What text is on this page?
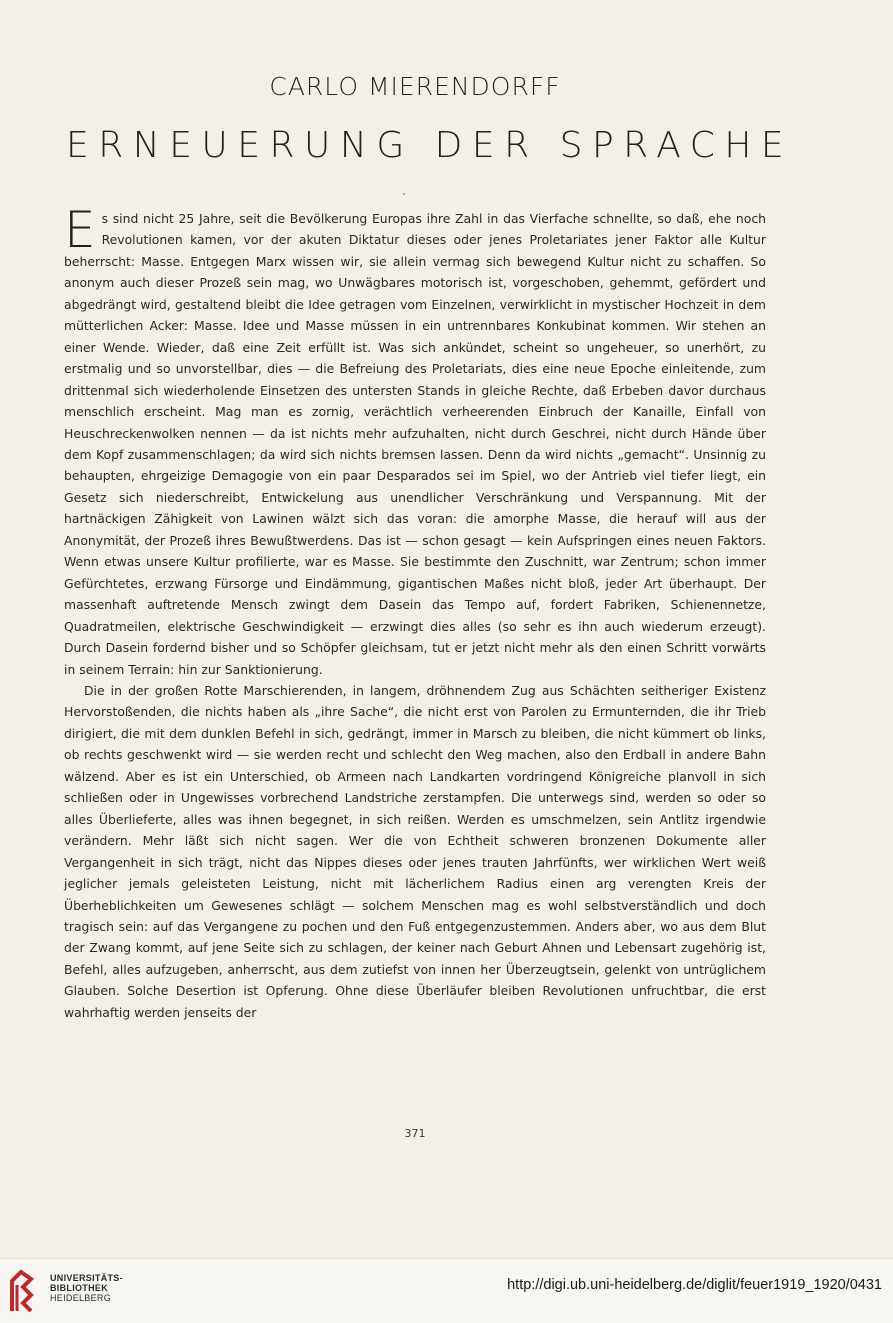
CARLO MIERENDORFF
ERNEUERUNG DER SPRACHE

Es sind nicht 25 Jahre, seit die Bevölkerung Europas ihre Zahl in das Vierfache schnellte, so daß, ehe noch Revolutionen kamen, vor der akuten Diktatur dieses oder jenes Proletariates jener Faktor alle Kultur beherrscht: Masse. Entgegen Marx wissen wir, sie allein vermag sich bewegend Kultur nicht zu schaffen. So anonym auch dieser Prozeß sein mag, wo Unwägbares motorisch ist, vorgeschoben, gehemmt, gefördert und abgedrängt wird, gestaltend bleibt die Idee getragen vom Einzelnen, verwirklicht in mystischer Hochzeit in dem mütterlichen Acker: Masse. Idee und Masse müssen in ein untrennbares Konkubinat kommen. Wir stehen an einer Wende. Wieder, daß eine Zeit erfüllt ist. Was sich ankündet, scheint so ungeheuer, so unerhört, zu erstmalig und so unvorstellbar, dies — die Befreiung des Proletariats, dies eine neue Epoche einleitende, zum drittenmal sich wiederholende Einsetzen des untersten Stands in gleiche Rechte, daß Erbeben davor durchaus menschlich erscheint. Mag man es zornig, verächtlich verheerenden Einbruch der Kanaille, Einfall von Heuschreckenwolken nennen — da ist nichts mehr aufzuhalten, nicht durch Geschrei, nicht durch Hände über dem Kopf zusammenschlagen; da wird sich nichts bremsen lassen. Denn da wird nichts „gemacht“. Unsinnig zu behaupten, ehrgeizige Demagogie von ein paar Desparados sei im Spiel, wo der Antrieb viel tiefer liegt, ein Gesetz sich niederschreibt, Entwickelung aus unendlicher Verschränkung und Verspannung. Mit der hartnäckigen Zähigkeit von Lawinen wälzt sich das voran: die amorphe Masse, die herauf will aus der Anonymität, der Prozeß ihres Bewußtwerdens. Das ist — schon gesagt — kein Aufspringen eines neuen Faktors. Wenn etwas unsere Kultur profilierte, war es Masse. Sie bestimmte den Zuschnitt, war Zentrum; schon immer Gefürchtetes, erzwang Fürsorge und Eindämmung, gigantischen Maßes nicht bloß, jeder Art überhaupt. Der massenhaft auftretende Mensch zwingt dem Dasein das Tempo auf, fordert Fabriken, Schienennetze, Quadratmeilen, elektrische Geschwindigkeit — erzwingt dies alles (so sehr es ihn auch wiederum erzeugt). Durch Dasein fordernd bisher und so Schöpfer gleichsam, tut er jetzt nicht mehr als den einen Schritt vorwärts in seinem Terrain: hin zur Sanktionierung.

Die in der großen Rotte Marschierenden, in langem, dröhnendem Zug aus Schächten seitheriger Existenz Hervorstoßenden, die nichts haben als „ihre Sache“, die nicht erst von Parolen zu Ermunternden, die ihr Trieb dirigiert, die mit dem dunklen Befehl in sich, gedrängt, immer in Marsch zu bleiben, die nicht kümmert ob links, ob rechts geschwenkt wird — sie werden recht und schlecht den Weg machen, also den Erdball in andere Bahn wälzend. Aber es ist ein Unterschied, ob Armeen nach Landkarten vordringend Königreiche planvoll in sich schließen oder in Ungewisses vorbrechend Landstriche zerstampfen. Die unterwegs sind, werden so oder so alles Überlieferte, alles was ihnen begegnet, in sich reißen. Werden es umschmelzen, sein Antlitz irgendwie verändern. Mehr läßt sich nicht sagen. Wer die von Echtheit schweren bronzenen Dokumente aller Vergangenheit in sich trägt, nicht das Nippes dieses oder jenes trauten Jahrfünfts, wer wirklichen Wert weiß jeglicher jemals geleisteten Leistung, nicht mit lächerlichem Radius einen arg verengten Kreis der Überheblichkeiten um Gewesenes schlägt — solchem Menschen mag es wohl selbstverständlich und doch tragisch sein: auf das Vergangene zu pochen und den Fuß entgegenzustemmen. Anders aber, wo aus dem Blut der Zwang kommt, auf jene Seite sich zu schlagen, der keiner nach Geburt Ahnen und Lebensart zugehörig ist, Befehl, alles aufzugeben, anherrscht, aus dem zutiefst von innen her Überzeugtsein, gelenkt von untrüglichem Glauben. Solche Desertion ist Opferung. Ohne diese Überläufer bleiben Revolutionen unfruchtbar, die erst wahrhaftig werden jenseits der

371
UNIVERSITÄTS-
BIBLIOTHEK
HEIDELBERG
http://digi.ub.uni-heidelberg.de/diglit/feuer1919_1920/0431
